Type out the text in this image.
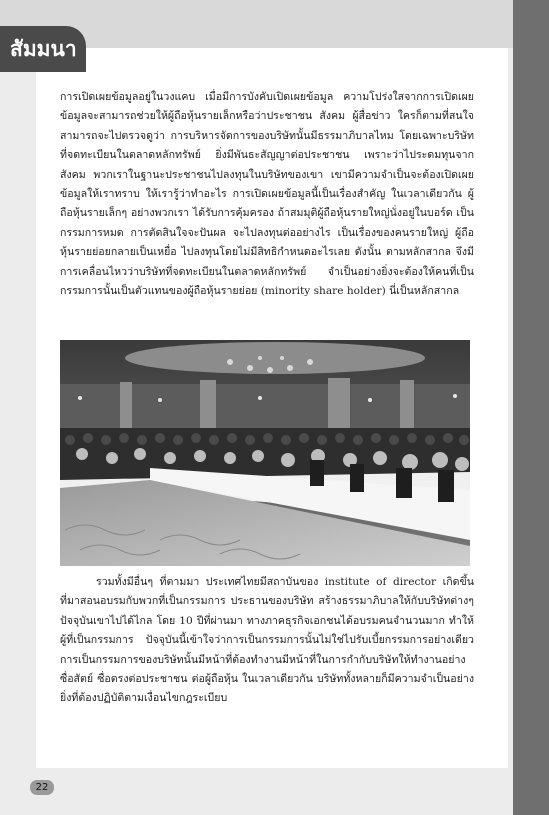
การเปิดเผยข้อมูลอยู่ในวงแคบ เมื่อมีการบังคับเปิดเผยข้อมูล ความโปร่งใสจากการเปิดเผยข้อมูลจะสามารถช่วยให้ผู้ถือหุ้นรายเล็กหรือว่าประชาชน สังคม ผู้สื่อข่าว ใครก็ตามที่สนใจ สามารถจะไปตรวจดูว่า การบริหารจัดการของบริษัทนั้นมีธรรมาภิบาลไหม โดยเฉพาะบริษัทที่จดทะเบียนในตลาดหลักทรัพย์ ยิ่งมีพันธะสัญญาต่อประชาชน เพราะว่าไประดมทุนจากสังคม พวกเราในฐานะประชาชนไปลงทุนในบริษัทของเขา เขามีความจำเป็นจะต้องเปิดเผยข้อมูลให้เราทราบ ให้เรารู้ว่าทำอะไร การเปิดเผยข้อมูลนี้เป็นเรื่องสำคัญ ในเวลาเดียวกัน ผู้ถือหุ้นรายเล็กๆ อย่างพวกเรา ได้รับการคุ้มครอง ถ้าสมมุติผู้ถือหุ้นรายใหญ่นั่งอยู่ในบอร์ด เป็นกรรมการหมด การตัดสินใจจะปันผล จะไปลงทุนต่ออย่างไร เป็นเรื่องของคนรายใหญ่ ผู้ถือหุ้นรายย่อยกลายเป็นเหยื่อ ไปลงทุนโดยไม่มีสิทธิกำหนดอะไรเลย ดังนั้น ตามหลักสากล จึงมีการเคลื่อนไหวว่าบริษัทที่จดทะเบียนในตลาดหลักทรัพย์ จำเป็นอย่างยิ่งจะต้องให้คนที่เป็นกรรมการนั้นเป็นตัวแทนของผู้ถือหุ้นรายย่อย (minority share holder) นี่เป็นหลักสากล

รวมทั้งมีอื่นๆ ที่ตามมา ประเทศไทยมีสถาบันของ institute of director เกิดขึ้น ที่มาสอนอบรมกับพวกที่เป็นกรรมการ ประธานของบริษัท สร้างธรรมาภิบาลให้กับบริษัทต่างๆ ปัจจุบันเขาไปได้ไกล โดย 10 ปีที่ผ่านมา ทางภาคธุรกิจเอกชนได้อบรมคนจำนวนมาก ทำให้ผู้ที่เป็นกรรมการ ปัจจุบันนี้เข้าใจว่าการเป็นกรรมการนั้นไม่ใช่ไปรับเบี้ยกรรมการอย่างเดียว การเป็นกรรมการของบริษัทนั้นมีหน้าที่ต้องทำงานมีหน้าที่ในการกำกับบริษัทให้ทำงานอย่างซื่อสัตย์ ซื่อตรงต่อประชาชน ต่อผู้ถือหุ้น ในเวลาเดียวกัน บริษัททั้งหลายก็มีความจำเป็นอย่างยิ่งที่ต้องปฏิบัติตามเงื่อนไขกฎระเบียบ

สัมมนา
22
